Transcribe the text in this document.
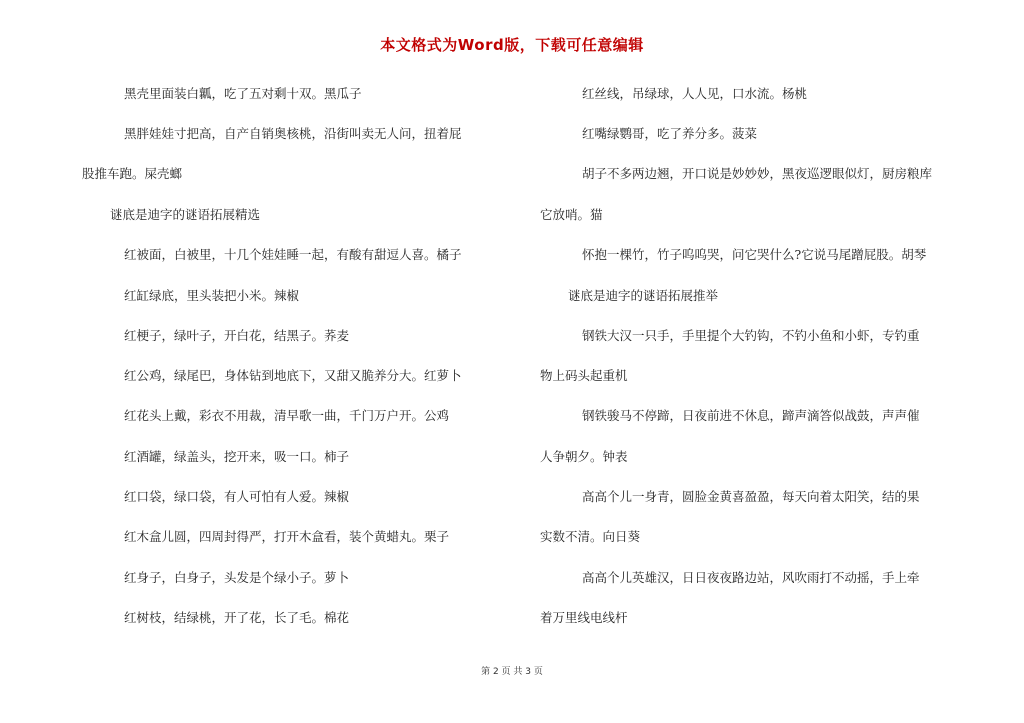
本文格式为Word版，下载可任意编辑
黑壳里面装白瓤，吃了五对剩十双。黑瓜子
黑胖娃娃寸把高，自产自销奥核桃，沿街叫卖无人问，扭着屁
股推车跑。屎壳螂
谜底是迪字的谜语拓展精选
红被面，白被里，十几个娃娃睡一起，有酸有甜逗人喜。橘子
红缸绿底，里头装把小米。辣椒
红梗子，绿叶子，开白花，结黑子。荞麦
红公鸡，绿尾巴，身体钻到地底下，又甜又脆养分大。红萝卜
红花头上戴，彩衣不用裁，清早歌一曲，千门万户开。公鸡
红酒罐，绿盖头，挖开来，吸一口。柿子
红口袋，绿口袋，有人可怕有人爱。辣椒
红木盒儿圆，四周封得严，打开木盒看，装个黄蜡丸。栗子
红身子，白身子，头发是个绿小子。萝卜
红树枝，结绿桃，开了花，长了毛。棉花
红丝线，吊绿球，人人见，口水流。杨桃
红嘴绿鹦哥，吃了养分多。菠菜
胡子不多两边翘，开口说是妙妙妙，黑夜巡逻眼似灯，厨房粮库
它放哨。猫
怀抱一棵竹，竹子呜呜哭，问它哭什么?它说马尾蹭屁股。胡琴
谜底是迪字的谜语拓展推举
钢铁大汉一只手，手里提个大钓钩，不钓小鱼和小虾，专钓重
物上码头起重机
钢铁骏马不停蹄，日夜前进不休息，蹄声滴答似战鼓，声声催
人争朝夕。钟表
高高个儿一身青，圆脸金黄喜盈盈，每天向着太阳笑，结的果
实数不清。向日葵
高高个儿英雄汉，日日夜夜路边站，风吹雨打不动摇，手上牵
着万里线电线杆
第 2 页 共 3 页
